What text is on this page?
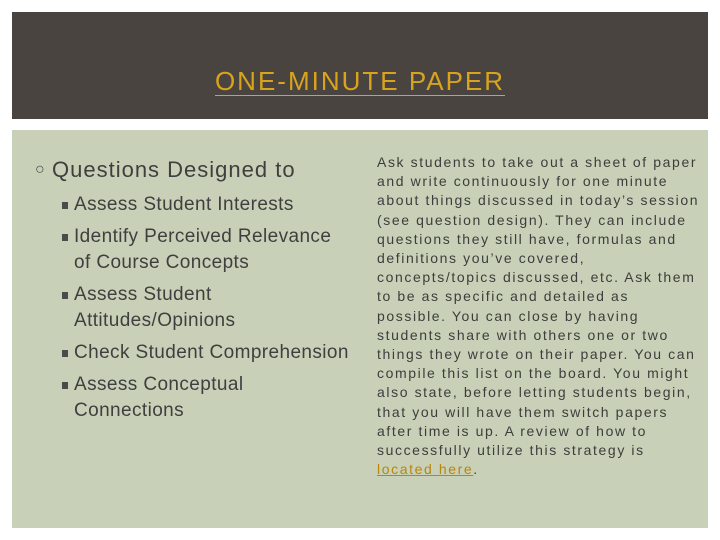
ONE-MINUTE PAPER
○ Questions Designed to
Assess Student Interests
Identify Perceived Relevance of Course Concepts
Assess Student Attitudes/Opinions
Check Student Comprehension
Assess Conceptual Connections
Ask students to take out a sheet of paper and write continuously for one minute about things discussed in today’s session (see question design). They can include questions they still have, formulas and definitions you’ve covered, concepts/topics discussed, etc. Ask them to be as specific and detailed as possible. You can close by having students share with others one or two things they wrote on their paper. You can compile this list on the board. You might also state, before letting students begin, that you will have them switch papers after time is up. A review of how to successfully utilize this strategy is located here.
